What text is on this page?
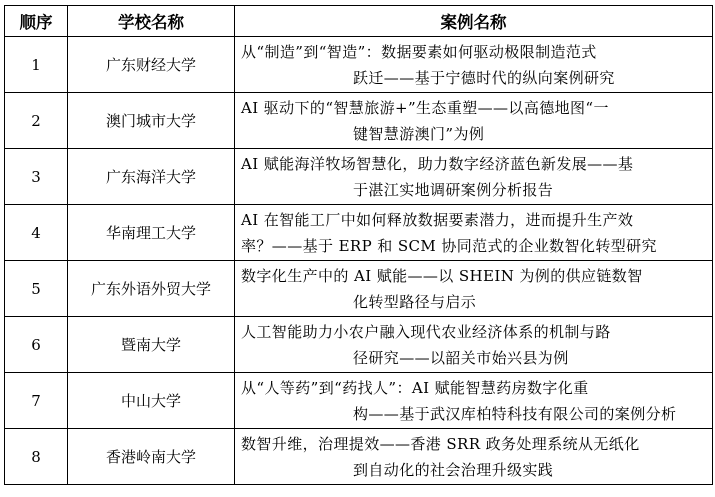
顺序	学校名称	案例名称
1	广东财经大学	从“制造”到“智造”：数据要素如何驱动极限制造范式
跃迁——基于宁德时代的纵向案例研究

2	澳门城市大学	AI 驱动下的“智慧旅游+”生态重塑——以高德地图“一
键智慧游澳门”为例

3	广东海洋大学	AI 赋能海洋牧场智慧化，助力数字经济蓝色新发展——基
于湛江实地调研案例分析报告

4	华南理工大学	AI 在智能工厂中如何释放数据要素潜力，进而提升生产效
率？——基于 ERP 和 SCM 协同范式的企业数智化转型研究

5	广东外语外贸大学	数字化生产中的 AI 赋能——以 SHEIN 为例的供应链数智
化转型路径与启示

6	暨南大学	人工智能助力小农户融入现代农业经济体系的机制与路
径研究——以韶关市始兴县为例

7	中山大学	从“人等药”到“药找人”：AI 赋能智慧药房数字化重
构——基于武汉库柏特科技有限公司的案例分析

8	香港岭南大学	数智升维，治理提效——香港 SRR 政务处理系统从无纸化
到自动化的社会治理升级实践
